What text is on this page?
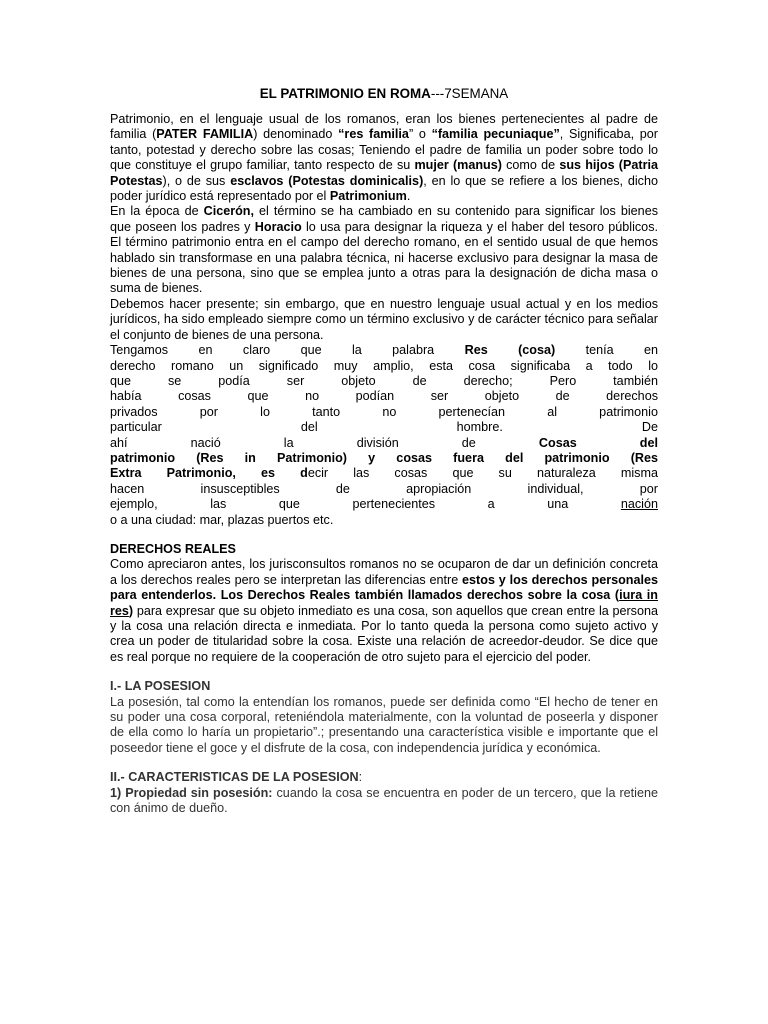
EL PATRIMONIO EN ROMA---7SEMANA

Patrimonio, en el lenguaje usual de los romanos, eran los bienes pertenecientes al padre de familia (PATER FAMILIA) denominado “res familia” o “familia pecuniaque”, Significaba, por tanto, potestad y derecho sobre las cosas; Teniendo el padre de familia un poder sobre todo lo que constituye el grupo familiar, tanto respecto de su mujer (manus) como de sus hijos (Patria Potestas), o de sus esclavos (Potestas dominicalis), en lo que se refiere a los bienes, dicho poder jurídico está representado por el Patrimonium.

En la época de Cicerón, el término se ha cambiado en su contenido para significar los bienes que poseen los padres y Horacio lo usa para designar la riqueza y el haber del tesoro públicos. El término patrimonio entra en el campo del derecho romano, en el sentido usual de que hemos hablado sin transformase en una palabra técnica, ni hacerse exclusivo para designar la masa de bienes de una persona, sino que se emplea junto a otras para la designación de dicha masa o suma de bienes.

Debemos hacer presente; sin embargo, que en nuestro lenguaje usual actual y en los medios jurídicos, ha sido empleado siempre como un término exclusivo y de carácter técnico para señalar el conjunto de bienes de una persona.

Tengamos en claro que la palabra Res (cosa) tenía en

derecho romano un significado muy amplio, esta cosa significaba a todo lo

que se podía ser objeto de derecho; Pero también

había cosas que no podían ser objeto de derechos

privados por lo tanto no pertenecían al patrimonio

particular del hombre. De

ahí nació la división de Cosas del

patrimonio (Res in Patrimonio) y cosas fuera del patrimonio (Res

Extra Patrimonio, es decir las cosas que su naturaleza misma

hacen insusceptibles de apropiación individual, por

ejemplo, las que pertenecientes a una nación

o a una ciudad: mar, plazas puertos etc.

DERECHOS REALES

Como apreciaron antes, los jurisconsultos romanos no se ocuparon de dar un definición concreta a los derechos reales pero se interpretan las diferencias entre estos y los derechos personales para entenderlos. Los Derechos Reales también llamados derechos sobre la cosa (iura in res) para expresar que su objeto inmediato es una cosa, son aquellos que crean entre la persona y la cosa una relación directa e inmediata. Por lo tanto queda la persona como sujeto activo y crea un poder de titularidad sobre la cosa. Existe una relación de acreedor-deudor. Se dice que es real porque no requiere de la cooperación de otro sujeto para el ejercicio del poder.

I.- LA POSESION

La posesión, tal como la entendían los romanos, puede ser definida como “El hecho de tener en su poder una cosa corporal, reteniéndola materialmente, con la voluntad de poseerla y disponer de ella como lo haría un propietario”.; presentando una característica visible e importante que el poseedor tiene el goce y el disfrute de la cosa, con independencia jurídica y económica.

II.- CARACTERISTICAS DE LA POSESION:

1) Propiedad sin posesión: cuando la cosa se encuentra en poder de un tercero, que la retiene con ánimo de dueño.
